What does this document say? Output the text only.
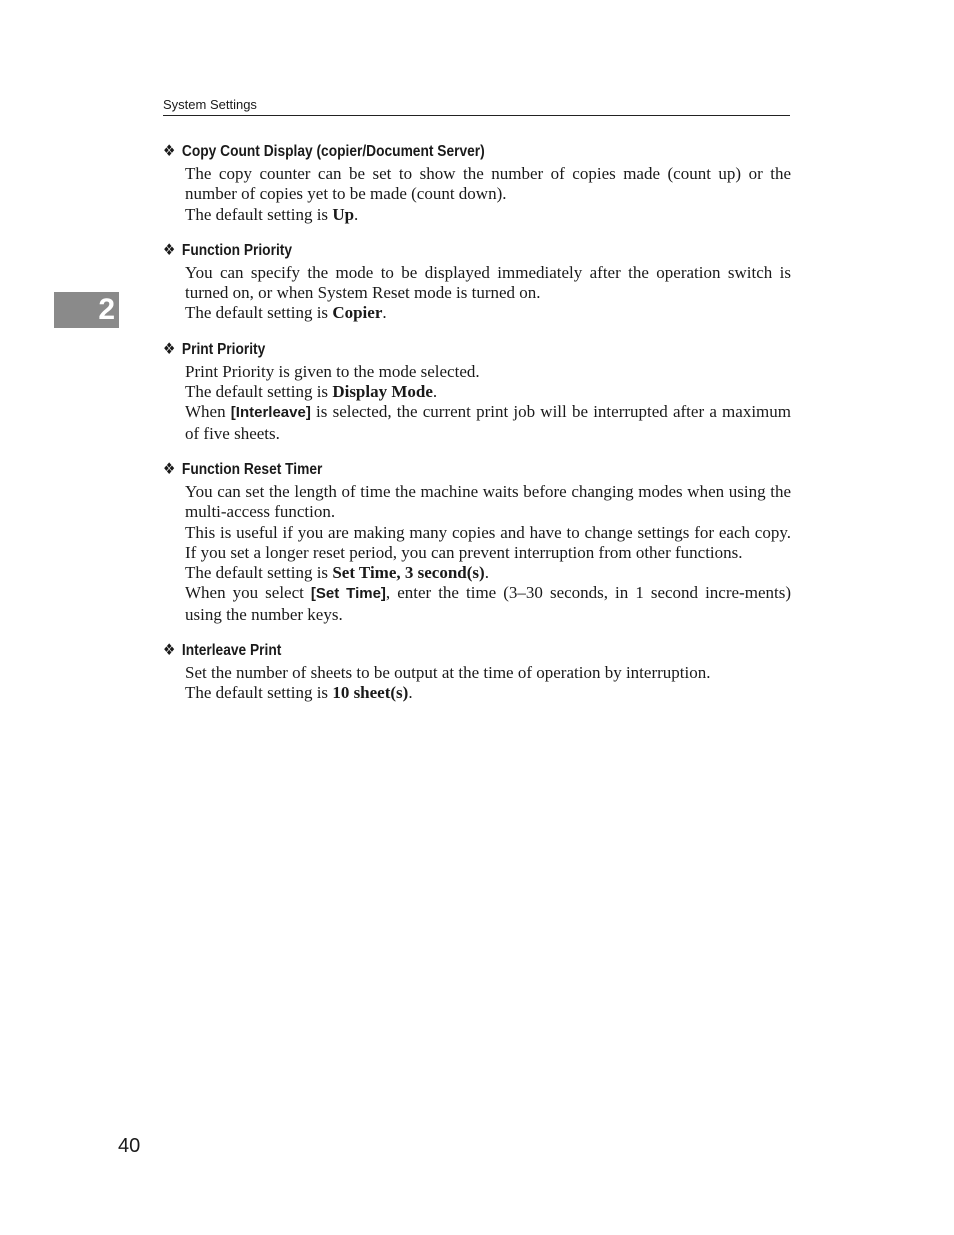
System Settings
2
❖ Copy Count Display (copier/Document Server)

The copy counter can be set to show the number of copies made (count up) or the number of copies yet to be made (count down).

The default setting is Up.

❖ Function Priority

You can specify the mode to be displayed immediately after the operation switch is turned on, or when System Reset mode is turned on.

The default setting is Copier.

❖ Print Priority

Print Priority is given to the mode selected.

The default setting is Display Mode.

When [Interleave] is selected, the current print job will be interrupted after a maximum of five sheets.

❖ Function Reset Timer

You can set the length of time the machine waits before changing modes when using the multi-access function.

This is useful if you are making many copies and have to change settings for each copy. If you set a longer reset period, you can prevent interruption from other functions.

The default setting is Set Time, 3 second(s).

When you select [Set Time], enter the time (3–30 seconds, in 1 second incre-ments) using the number keys.

❖ Interleave Print

Set the number of sheets to be output at the time of operation by interruption.

The default setting is 10 sheet(s).

40
